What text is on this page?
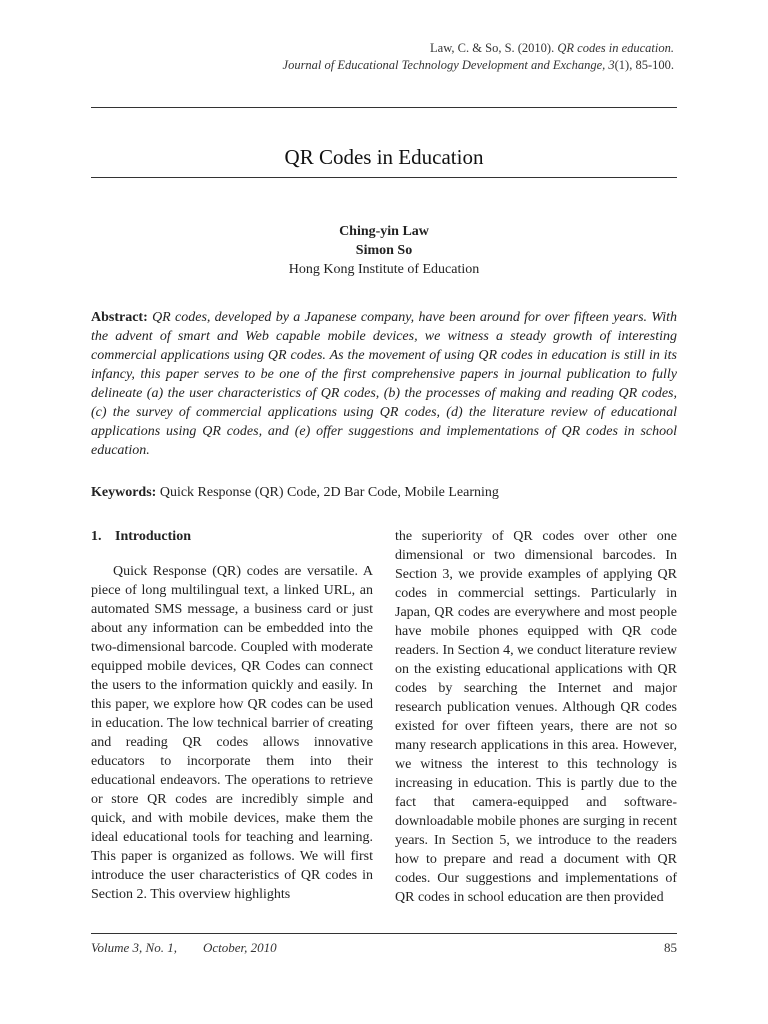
Law, C. & So, S. (2010). QR codes in education.
Journal of Educational Technology Development and Exchange, 3(1), 85-100.
QR Codes in Education
Ching-yin Law
Simon So
Hong Kong Institute of Education
Abstract: QR codes, developed by a Japanese company, have been around for over fifteen years. With the advent of smart and Web capable mobile devices, we witness a steady growth of interesting commercial applications using QR codes. As the movement of using QR codes in education is still in its infancy, this paper serves to be one of the first comprehensive papers in journal publication to fully delineate (a) the user characteristics of QR codes, (b) the processes of making and reading QR codes, (c) the survey of commercial applications using QR codes, (d) the literature review of educational applications using QR codes, and (e) offer suggestions and implementations of QR codes in school education.
Keywords: Quick Response (QR) Code, 2D Bar Code, Mobile Learning
1. Introduction

Quick Response (QR) codes are versatile. A piece of long multilingual text, a linked URL, an automated SMS message, a business card or just about any information can be embedded into the two-dimensional barcode. Coupled with moderate equipped mobile devices, QR Codes can connect the users to the information quickly and easily. In this paper, we explore how QR codes can be used in education. The low technical barrier of creating and reading QR codes allows innovative educators to incorporate them into their educational endeavors. The operations to retrieve or store QR codes are incredibly simple and quick, and with mobile devices, make them the ideal educational tools for teaching and learning. This paper is organized as follows. We will first introduce the user characteristics of QR codes in Section 2. This overview highlights

the superiority of QR codes over other one dimensional or two dimensional barcodes. In Section 3, we provide examples of applying QR codes in commercial settings. Particularly in Japan, QR codes are everywhere and most people have mobile phones equipped with QR code readers. In Section 4, we conduct literature review on the existing educational applications with QR codes by searching the Internet and major research publication venues. Although QR codes existed for over fifteen years, there are not so many research applications in this area. However, we witness the interest to this technology is increasing in education. This is partly due to the fact that camera-equipped and software-downloadable mobile phones are surging in recent years. In Section 5, we introduce to the readers how to prepare and read a document with QR codes. Our suggestions and implementations of QR codes in school education are then provided

Volume 3, No. 1, October, 2010	85
